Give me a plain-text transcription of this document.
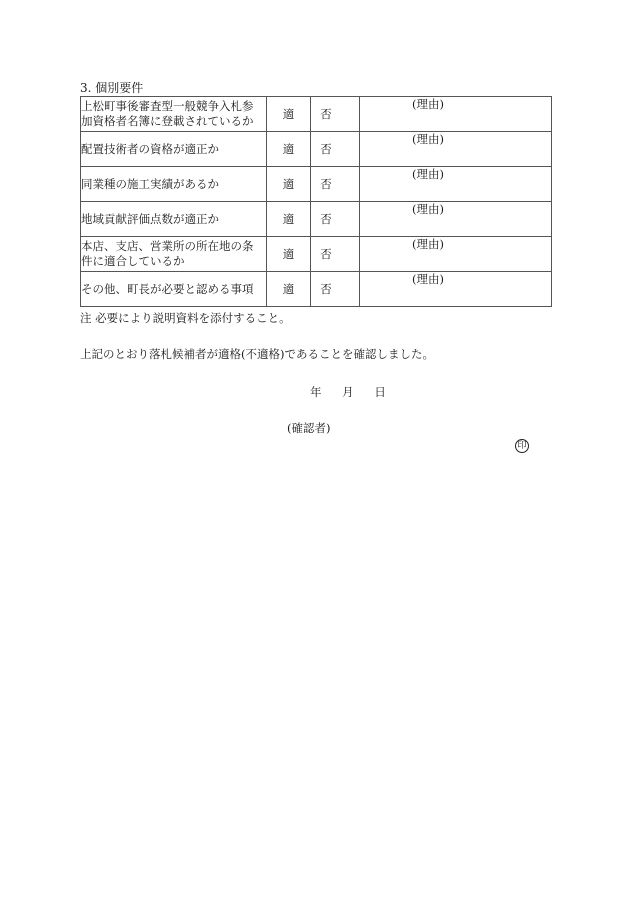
3. 個別要件
上松町事後審査型一般競争入札参
加資格者名簿に登載されているか	適	否	(理由)

配置技術者の資格が適正か	適	否	(理由)

同業種の施工実績があるか	適	否	(理由)

地域貢献評価点数が適正か	適	否	(理由)

本店、支店、営業所の所在地の条
件に適合しているか	適	否	(理由)

その他、町長が必要と認める事項	適	否	(理由)
注 必要により説明資料を添付すること。
上記のとおり落札候補者が適格(不適格)であることを確認しました。
年 月 日
(確認者)
印
